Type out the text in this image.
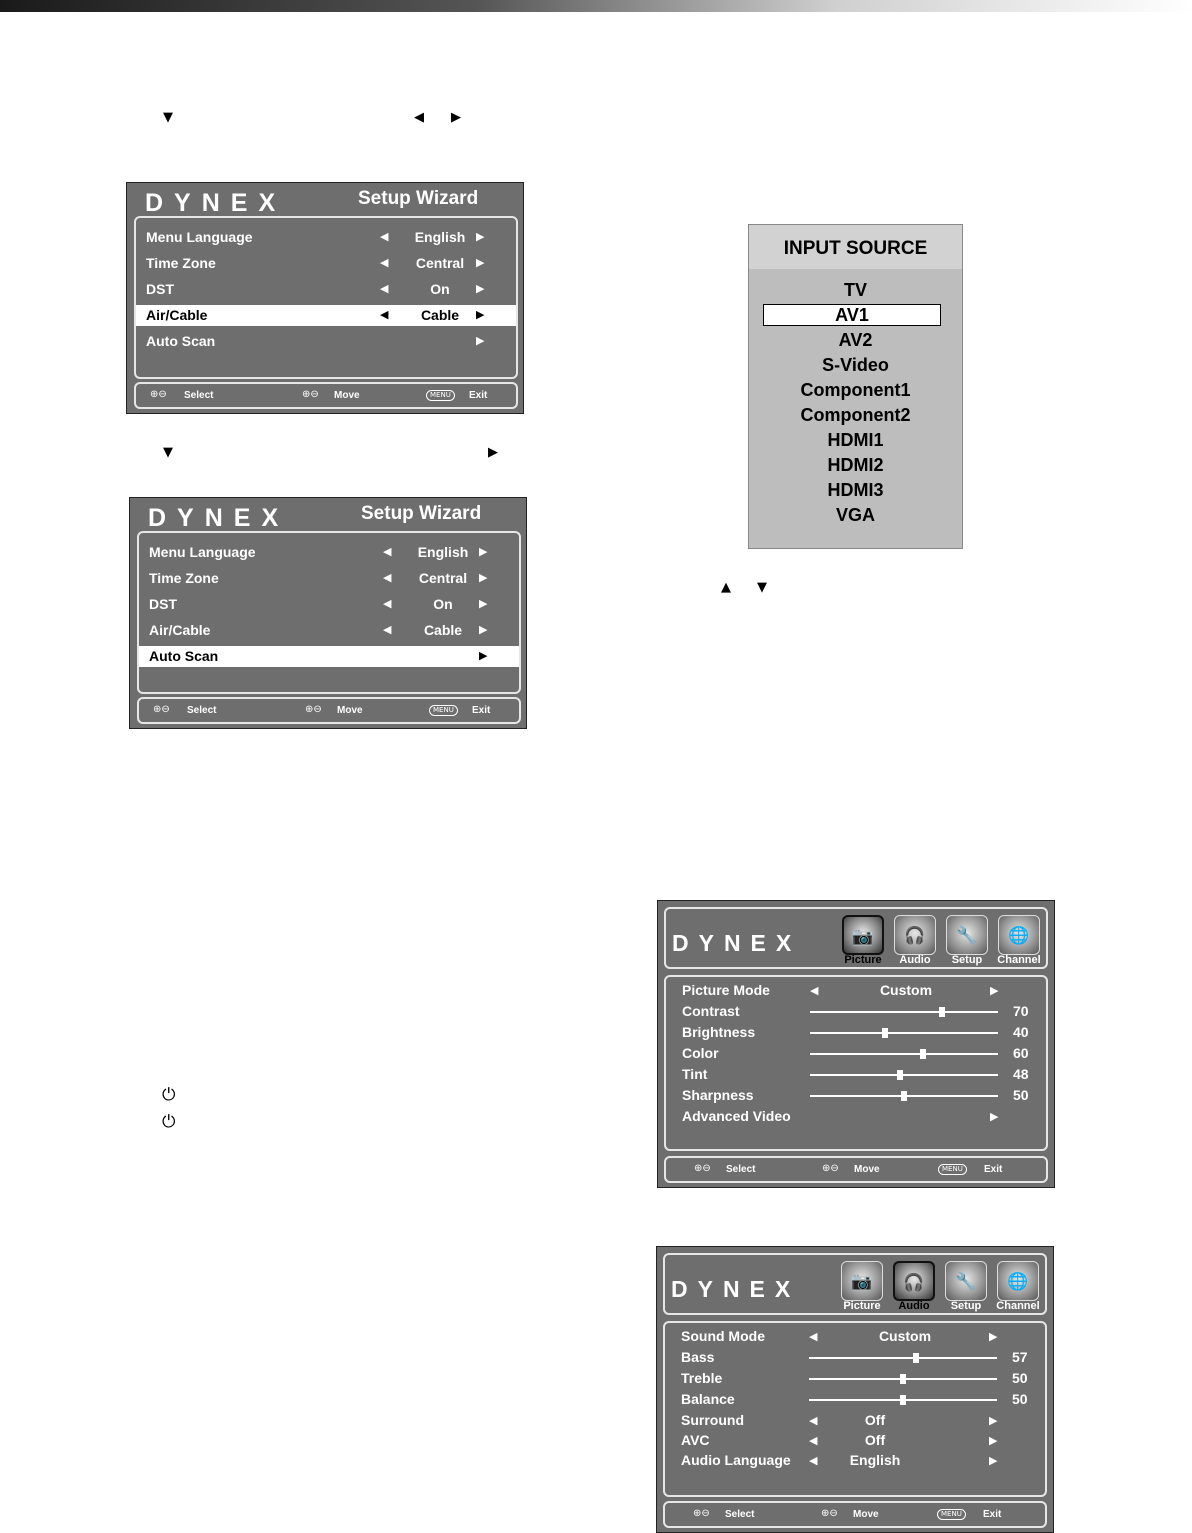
▼	◀ ▶
▼	▶
▲ ▼
⏻
⏻
DYNEX	Setup Wizard
Menu Language	◀	English ▶
Time Zone	◀	Central	▶
DST	◀	On	▶
Air/Cable	◀	Cable	▶
Auto Scan	▶
⊕⊖ Select	⊕⊖ Move	MENU	Exit
DYNEX	Setup Wizard
Menu Language	◀	English ▶
Time Zone	◀	Central	▶
DST	◀	On	▶
Air/Cable	◀	Cable	▶
Auto Scan	▶
⊕⊖ Select	⊕⊖ Move	MENU	Exit
INPUT SOURCE
TV
AV1
AV2
S-Video
Component1
Component2
HDMI1
HDMI2
HDMI3
VGA
DYNEX	📷	🎧	🔧	🌐
Picture	Audio	Setup	Channel
Picture Mode	◀	Custom	▶
Contrast	70
Brightness	40
Color	60
Tint	48
Sharpness	50
Advanced Video	▶
⊕⊖ Select	⊕⊖ Move	MENU	Exit
DYNEX	📷	🎧	🔧	🌐
Picture	Audio	Setup	Channel
Sound Mode	◀	Custom	▶
Bass	57
Treble	50
Balance	50
Surround	◀	Off	▶
AVC	◀	Off	▶
Audio Language ◀	English	▶
⊕⊖ Select	⊕⊖ Move	MENU	Exit
